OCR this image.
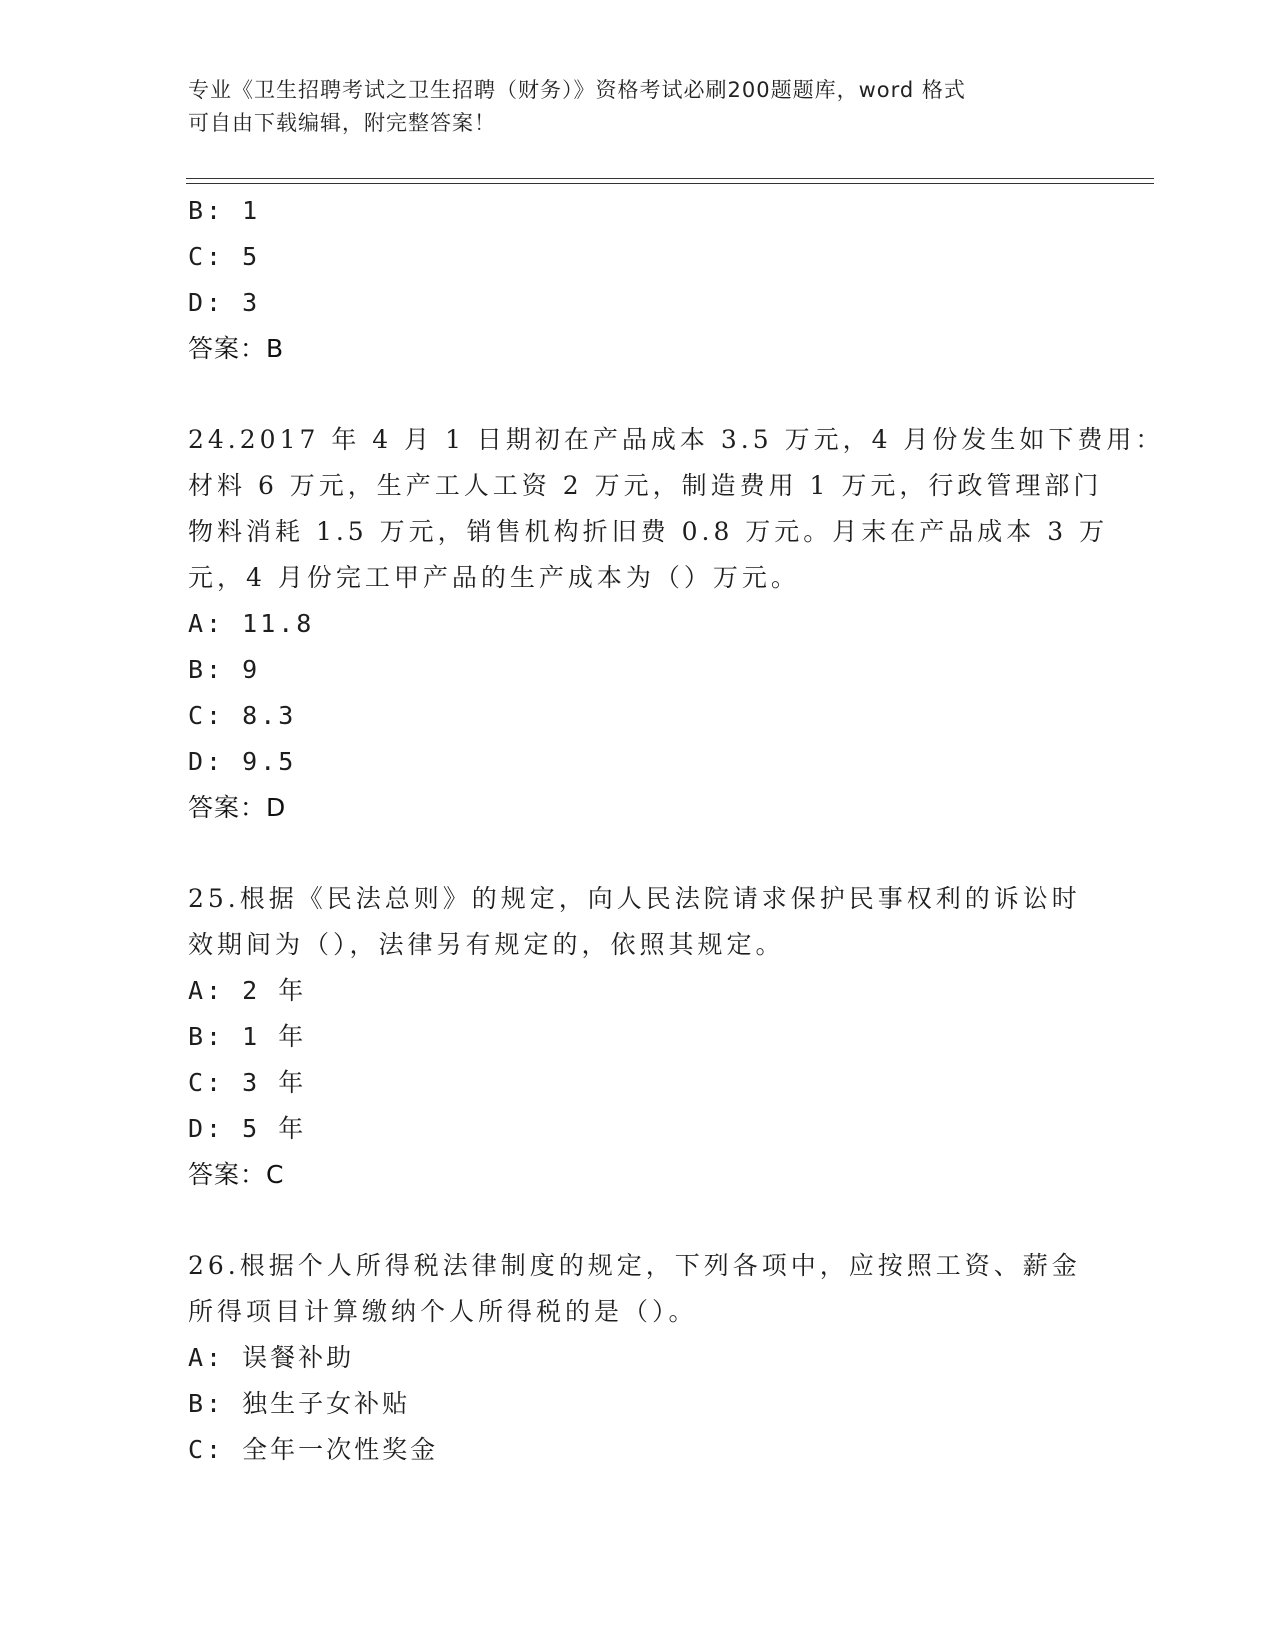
专业《卫生招聘考试之卫生招聘（财务）》资格考试必刷200题题库，word 格式
可自由下载编辑，附完整答案！
B: 1
C: 5
D: 3
答案：B
24.2017 年 4 月 1 日期初在产品成本 3.5 万元，4 月份发生如下费用：
材料 6 万元，生产工人工资 2 万元，制造费用 1 万元，行政管理部门
物料消耗 1.5 万元，销售机构折旧费 0.8 万元。月末在产品成本 3 万
元，4 月份完工甲产品的生产成本为（）万元。
A: 11.8
B: 9
C: 8.3
D: 9.5
答案：D
25.根据《民法总则》的规定，向人民法院请求保护民事权利的诉讼时
效期间为（），法律另有规定的，依照其规定。
A: 2 年
B: 1 年
C: 3 年
D: 5 年
答案：C
26.根据个人所得税法律制度的规定，下列各项中，应按照工资、薪金
所得项目计算缴纳个人所得税的是（）。
A: 误餐补助
B: 独生子女补贴
C: 全年一次性奖金
